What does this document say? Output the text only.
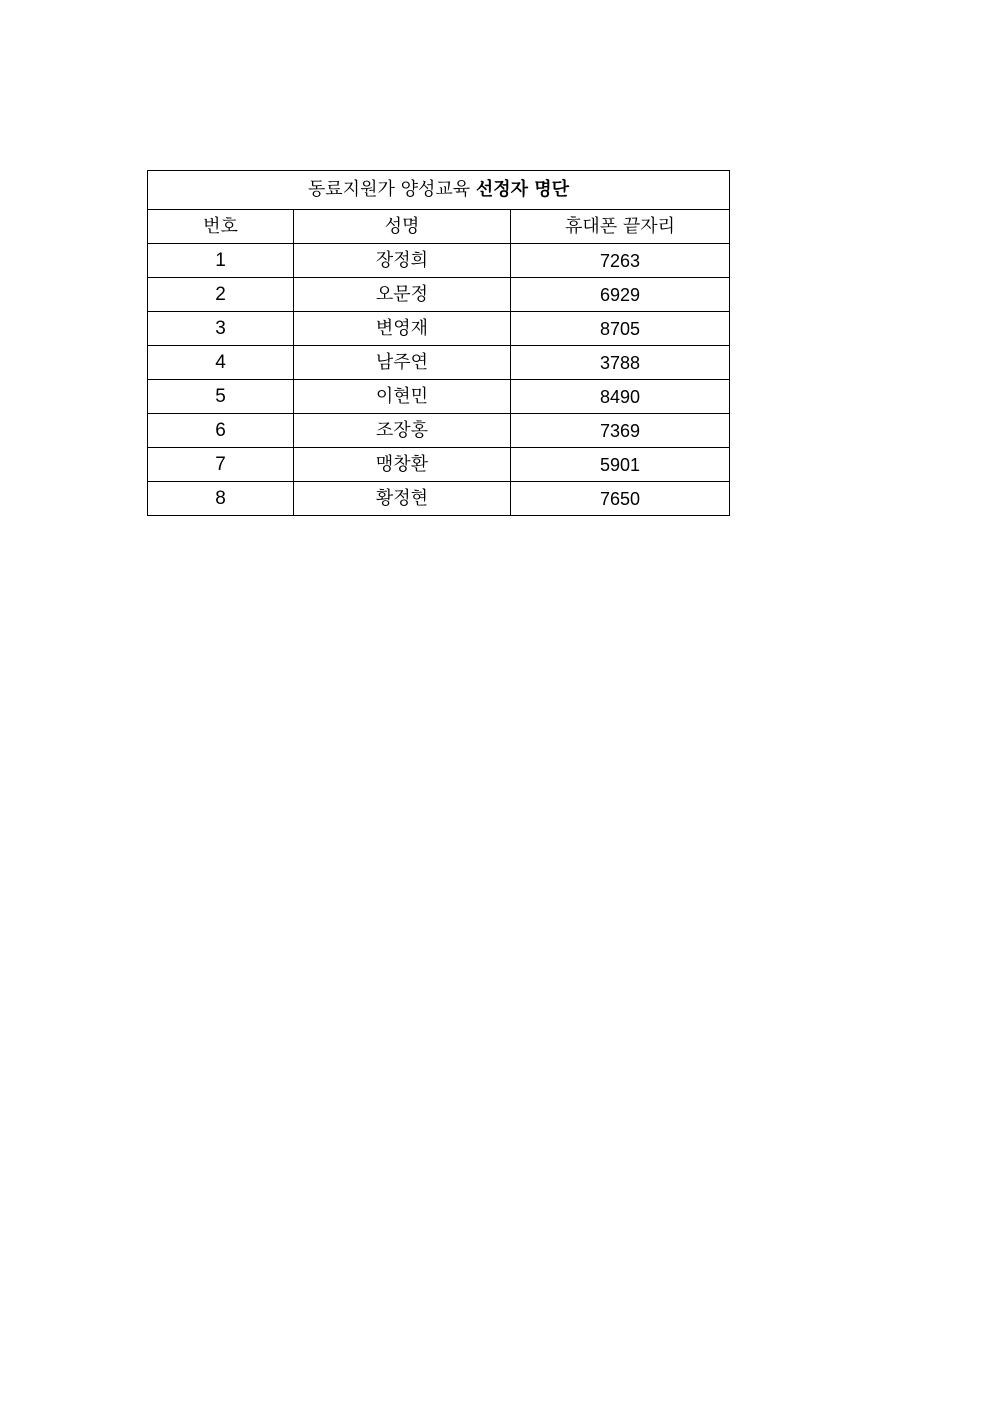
동료지원가 양성교육 선정자 명단		
번호	성명	휴대폰 끝자리
1	장정희	7263
2	오문정	6929
3	변영재	8705
4	남주연	3788
5	이현민	8490
6	조장홍	7369
7	맹창환	5901
8	황정현	7650
